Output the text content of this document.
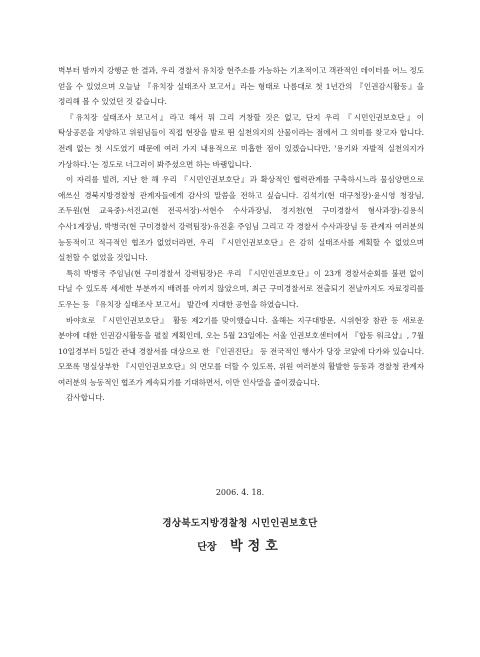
벽부터 밤까지 강행군 한 결과, 우리 경찰서 유치장 현주소를 가능하는 기초적이고 객관적인 데이터를 어느 정도 얻을 수 있었으며 오늘날 『유치장 실태조사 보고서』라는 형태로 나름대로 첫 1년간의 『인권감시활동』을 정리해 볼 수 있었던 것 같습니다.

『유치장 실태조사 보고서』라고 해서 뭐 그리 거창할 것은 없고, 단지 우리 『시민인권보호단』이 탁상공론을 지양하고 위원님들이 직접 현장을 발로 뛴 실천의지의 산물이라는 점에서 그 의미를 찾고자 합니다. 전례 없는 첫 시도였기 때문에 여러 가지 내용적으로 미흡한 점이 있겠습니다만, '용기와 자발적 실천의지가 가상하다.'는 정도로 너그러이 봐주셨으면 하는 바램입니다.

이 자리를 빌려, 지난 한 해 우리 『시민인권보호단』과 확상적인 협력관계를 구축하시느라 물심양면으로 애쓰신 경북지방경찰청 관계자들에게 감사의 말씀을 전하고 싶습니다. 김석기(현 대구청장)·윤시영 청장님, 조두원(현 교육중)·서진교(현 전곡서장)·서현수 수사과장님, 정지천(현 구미경찰서 형사과장)·김용식 수사1계장님, 박병국(현 구미경찰서 강력팀장)·유진훈 주임님 그리고 각 경찰서 수사과장님 등 관계자 여러분의 능동적이고 적극적인 협조가 없었더라면, 우리 『시민인권보호단』은 감히 실태조사를 계획할 수 없었으며 실천할 수 없었을 것입니다.

특히 박병국 주임님(현 구미경찰서 강력팀장)은 우리 『시민인권보호단』이 23개 경찰서순회를 불편 없이 다닐 수 있도록 세세한 부분까지 배려를 아끼지 않았으며, 최근 구미경찰서로 전출되기 전날까지도 자료정리를 도우는 등 『유치장 실태조사 보고서』 발간에 지대한 공헌을 하였습니다.

바야흐로 『시민인권보호단』 활동 제2기를 맞이했습니다. 올해는 지구대방문, 시위현장 참관 등 새로운 분야에 대한 인권감시활동을 펼칠 계획인데, 오는 5월 23일에는 서울 인권보호센터에서 『합동 워크샵』, 7월 10일경부터 5일간 관내 경찰서를 대상으로 한 『인권진단』 등 전국적인 행사가 당장 코앞에 다가와 있습니다. 모쪼록 명실상부한 『시민인권보호단』의 면모를 더할 수 있도록, 위원 여러분의 활발한 등동과 경찰청 관계자 여러분의 능동적인 협조가 계속되기를 기대하면서, 이만 인사말을 줄이겠습니다.

감사합니다.

2006. 4. 18.
경상북도지방경찰청 시민인권보호단
단장 박정호
